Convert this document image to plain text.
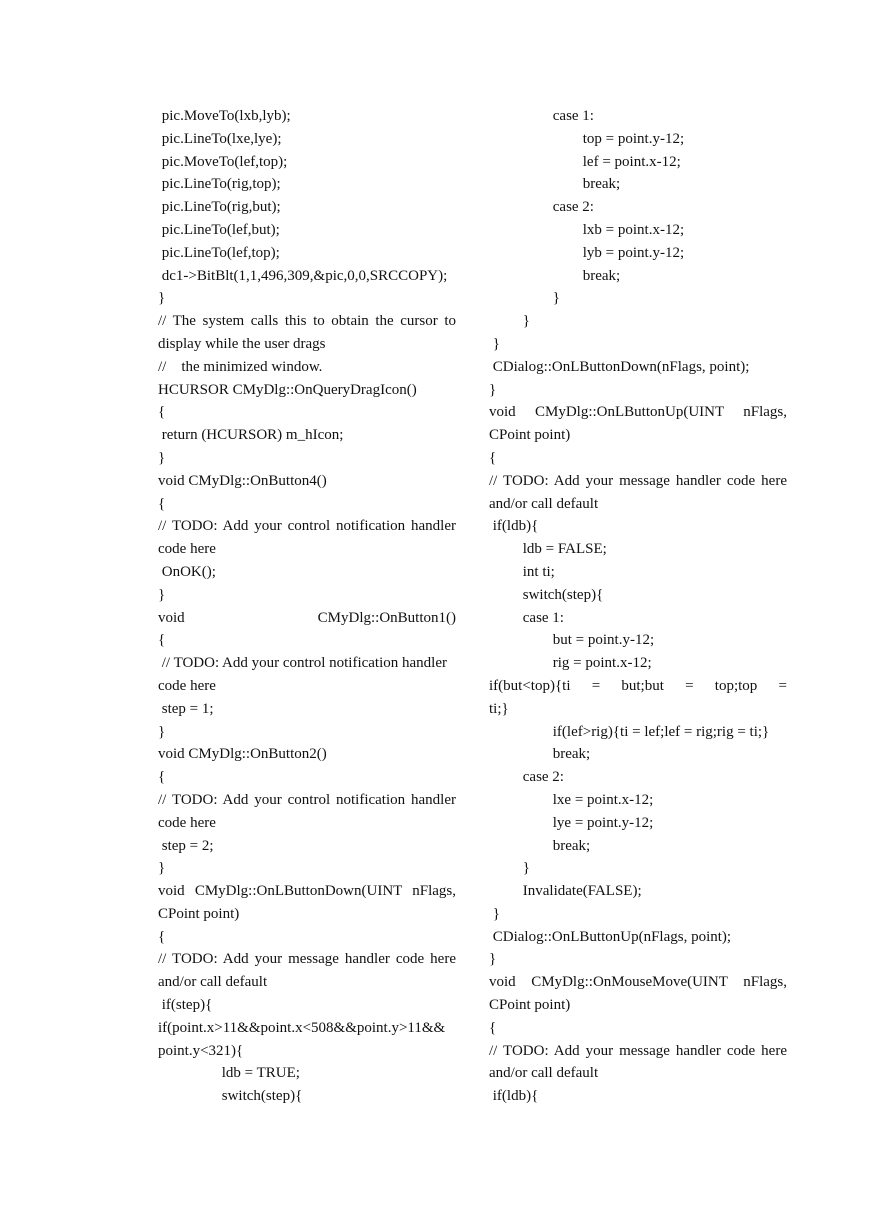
pic.MoveTo(lxb,lyb);
pic.LineTo(lxe,lye);
pic.MoveTo(lef,top);
pic.LineTo(rig,top);
pic.LineTo(rig,but);
pic.LineTo(lef,but);
pic.LineTo(lef,top);
dc1->BitBlt(1,1,496,309,&pic,0,0,SRCCOPY);
}
// The system calls this to obtain the cursor to
display while the user drags
//    the minimized window.
HCURSOR CMyDlg::OnQueryDragIcon()
{
return (HCURSOR) m_hIcon;
}
void CMyDlg::OnButton4()
{
// TODO: Add your control notification handler
code here
OnOK();
}
void CMyDlg::OnButton1()
{
// TODO: Add your control notification handler
code here
step = 1;
}
void CMyDlg::OnButton2()
{
// TODO: Add your control notification handler
code here
step = 2;
}
void CMyDlg::OnLButtonDown(UINT nFlags,
CPoint point)
{
// TODO: Add your message handler code here
and/or call default
if(step){
if(point.x>11&&point.x<508&&point.y>11&&
point.y<321){
ldb = TRUE;
switch(step){
case 1:
top = point.y-12;
lef = point.x-12;
break;
case 2:
lxb = point.x-12;
lyb = point.y-12;
break;
}
}
}
CDialog::OnLButtonDown(nFlags, point);
}
void CMyDlg::OnLButtonUp(UINT nFlags,
CPoint point)
{
// TODO: Add your message handler code here
and/or call default
if(ldb){
ldb = FALSE;
int ti;
switch(step){
case 1:
but = point.y-12;
rig = point.x-12;
if(but<top){ti = but;but = top;top =
ti;}
if(lef>rig){ti = lef;lef = rig;rig = ti;}
break;
case 2:
lxe = point.x-12;
lye = point.y-12;
break;
}
Invalidate(FALSE);
}
CDialog::OnLButtonUp(nFlags, point);
}
void CMyDlg::OnMouseMove(UINT nFlags,
CPoint point)
{
// TODO: Add your message handler code here
and/or call default
if(ldb){
